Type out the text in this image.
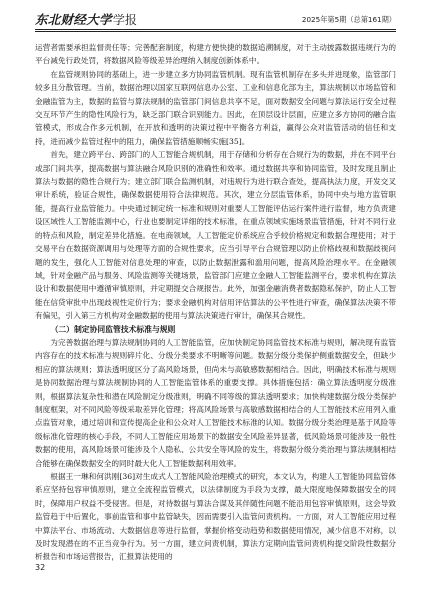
东北财经大学 学报	2025年第5期（总第161期）

运营者需要承担监督责任等；完善配套制度，构建方便快捷的数据追溯制度，对于主动披露数据违规行为的平台减免行政处罚，将数据风险等级差异治理纳入制度创新体系中。

在监管规则协同的基础上，进一步建立多方协同监管机制。现有监管机制存在多头并进现象，监管部门较多且分散管理。当前，数据治理以国家互联网信息办公室、工业和信息化部为主，算法规制以市场监管和金融监管为主，数据的监管与算法规制的监管部门间信息共享不足，面对数据安全问题与算法运行安全过程交互环节产生的隐性风险行为，缺乏部门联合识别能力。因此，在顶层设计层面，应建立多方协同的融合监管模式，形成合作多元机制，在开放和透明的决策过程中平衡各方利益，赢得公众对监管活动的信任和支持，进而减少监管过程中的阻力，确保监管措施顺畅实施[35]。

首先，建立跨平台、跨部门的人工智能合规机制，用于存储和分析存在合规行为的数据，并在不同平台或部门间共享，提高数据与算法融合风险识别的准确性和效率。通过数据共享和协同监管，及时发现且制止算法与数据的隐性合规行为；建立部门联合监测机制，对违规行为进行联合查处，提高执法力度，开发交叉审计系统，验证合规性，确保数据使用符合法律规范。其次，建立分层监管体系，协同中央与地方监管职能，提高行业监管能力。中央通过制定统一标准和规则对重要人工智能评估运行案件进行监督，地方负责建设区域性人工智能监测中心，行业也要制定详细的技术标准，在重点领域实施场景监管措施，针对不同行业的特点和风险，制定差异化措施。在电商领域，人工智能定价系统应合乎较价格规定和数据合理使用；对于交易平台在数据资源调用与处理等方面的合规性要求，应当引导平台合规管理以防止价格歧视和数据歧视问题的发生，强化人工智能对信息处理的审查，以防止数据泄露和滥用问题，提高风险治理水平。在金融领域，针对金融产品与服务、风险监测等关键场景，监管部门应建立金融人工智能监测平台，要求机构在算法设计和数据使用中遵循审慎原则，并定期提交合规报告。此外，加强金融消费者数据隐私保护，防止人工智能在信贷审批中出现歧视性定价行为；要求金融机构对信用评估算法的公平性进行审查，确保算法决策不带有偏见，引入第三方机构对金融数据的使用与算法决策进行审计，确保其合规性。

（二）制定协同监管技术标准与规则

为完善数据治理与算法规制协同的人工智能监管，应加快制定协同监管技术标准与规则，解决现有监管内容存在的技术标准与规则碎片化、分级分类要求不明晰等问题。数据分级分类保护侧重数据安全，但缺少相应的算法规则；算法透明度区分了高风险场景，但尚未与高敏感数据相结合。因此，明确技术标准与规则是协同数据治理与算法规制协同的人工智能监管体系的重要支撑。具体措施包括：确立算法透明度分级准则，根据算法复杂性和潜在风险制定分级准则，明确不同等级的算法透明要求；加快构建数据分级分类保护制度框架，对不同风险等级采取差异化管理；将高风险场景与高敏感数据相结合的人工智能技术应用列入重点监管对象，通过培训和宣传提高企业和公众对人工智能技术标准的认知。数据分级分类治理是基于风险等级标准化管理的核心手段，不同人工智能应用场景下的数据安全风险差异显著，低风险场景可能涉及一般性数据的使用，高风险场景可能涉及个人隐私、公共安全等风险的发生，将数据分级分类治理与算法规制相结合能够在确保数据安全的同时最大化人工智能数据利用效率。

根据王一琳和何洪刚[36]对生成式人工智能风险治理模式的研究，本文认为，构建人工智能协同监管体系应坚持包容审慎原则，建立全流程监管模式，以法律制度为手段为支撑，最大限度地保障数据安全的同时，保障用户权益不受侵害。但是，对待数据与算法合谋及其伴随性问题不能沿用包容审慎原则，这会导致监管趋于中后置化，事前监管和事中监管缺失，因而需要引入监管问责机构。一方面，对人工智能应用过程中算法平台、市场流动、大数据信息等进行监督，掌握价格变动趋势和数据使用情况，减少信息不对称，以及时发现潜在的不正当竞争行为。另一方面，建立问责机制，算法方定期向监管问责机构提交阶段性数据分析报告和市场运营报告，汇报算法使用的

32
